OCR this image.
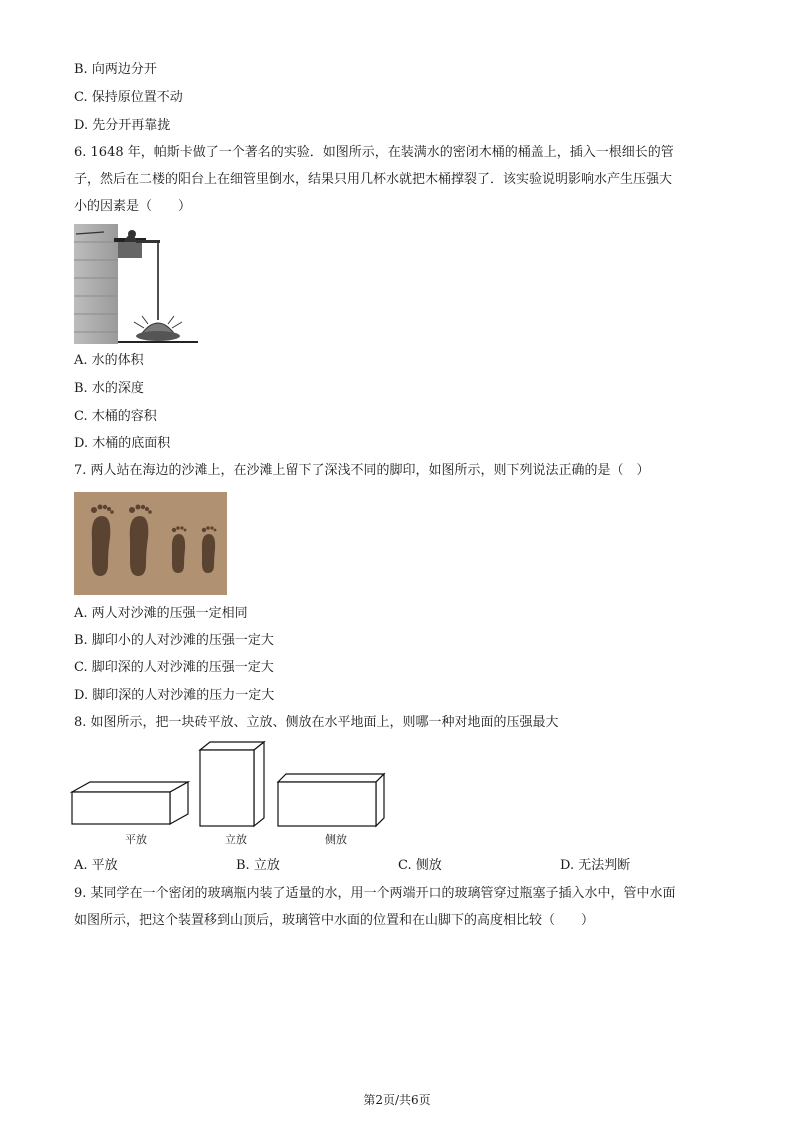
B. 向两边分开
C. 保持原位置不动
D. 先分开再靠拢
6. 1648 年，帕斯卡做了一个著名的实验．如图所示，在装满水的密闭木桶的桶盖上，插入一根细长的管
子，然后在二楼的阳台上在细管里倒水，结果只用几杯水就把木桶撑裂了．该实验说明影响水产生压强大
小的因素是（　　）
A. 水的体积
B. 水的深度
C. 木桶的容积
D. 木桶的底面积
7. 两人站在海边的沙滩上，在沙滩上留下了深浅不同的脚印，如图所示，则下列说法正确的是（　）
A. 两人对沙滩的压强一定相同
B. 脚印小的人对沙滩的压强一定大
C. 脚印深的人对沙滩的压强一定大
D. 脚印深的人对沙滩的压力一定大
8. 如图所示，把一块砖平放、立放、侧放在水平地面上，则哪一种对地面的压强最大
平放	立放	侧放
A. 平放	B. 立放	C. 侧放	D. 无法判断
9. 某同学在一个密闭的玻璃瓶内装了适量的水，用一个两端开口的玻璃管穿过瓶塞子插入水中，管中水面
如图所示，把这个装置移到山顶后，玻璃管中水面的位置和在山脚下的高度相比较（　　）
第2页/共6页
